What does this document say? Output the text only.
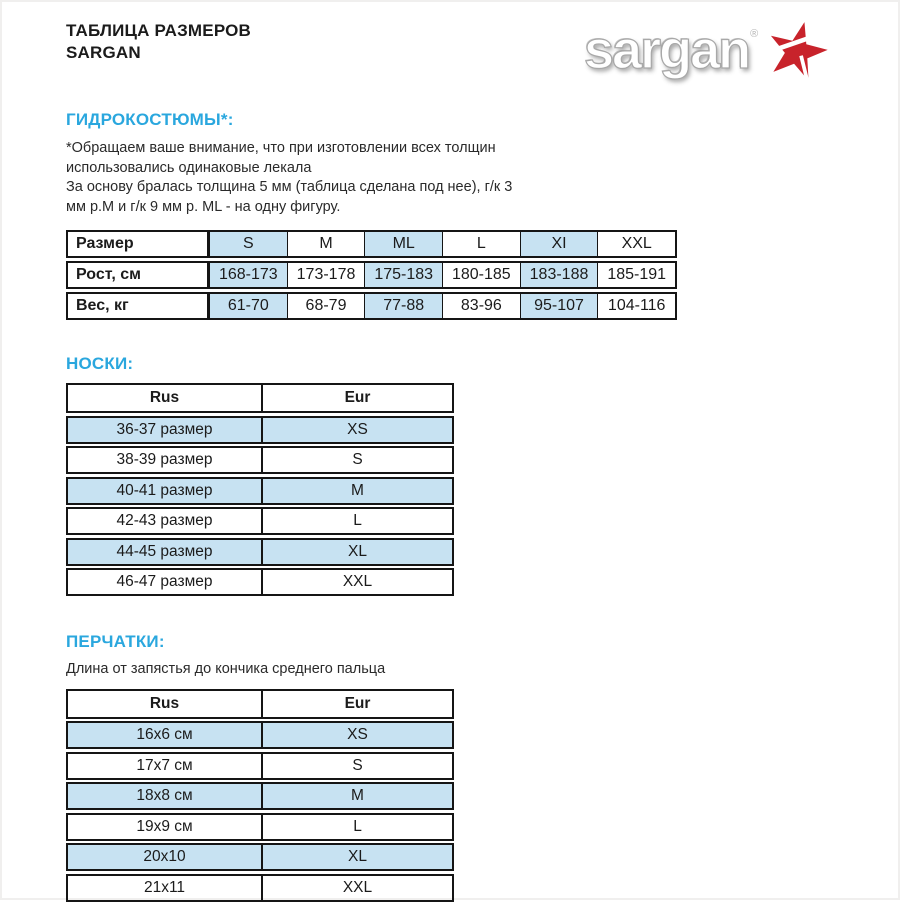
ТАБЛИЦА РАЗМЕРОВ
SARGAN	sargan ®
ГИДРОКОСТЮМЫ*:
*Обращаем ваше внимание, что при изготовлении всех толщин
использовались одинаковые лекала
За основу бралась толщина 5 мм (таблица сделана под нее), г/к 3
мм р.М и г/к 9 мм р. ML - на одну фигуру.
Размер	S	M	ML	L	XI	XXL
Рост, см	168-173	173-178	175-183	180-185	183-188	185-191
Вес, кг	61-70	68-79	77-88	83-96	95-107	104-116
НОСКИ:
Rus	Eur
36-37 размер	XS
38-39 размер	S
40-41 размер	M
42-43 размер	L
44-45 размер	XL
46-47 размер	XXL
ПЕРЧАТКИ:
Длина от запястья до кончика среднего пальца
Rus	Eur
16x6 см	XS
17x7 см	S
18x8 см	M
19x9 см	L
20x10	XL
21x11	XXL
